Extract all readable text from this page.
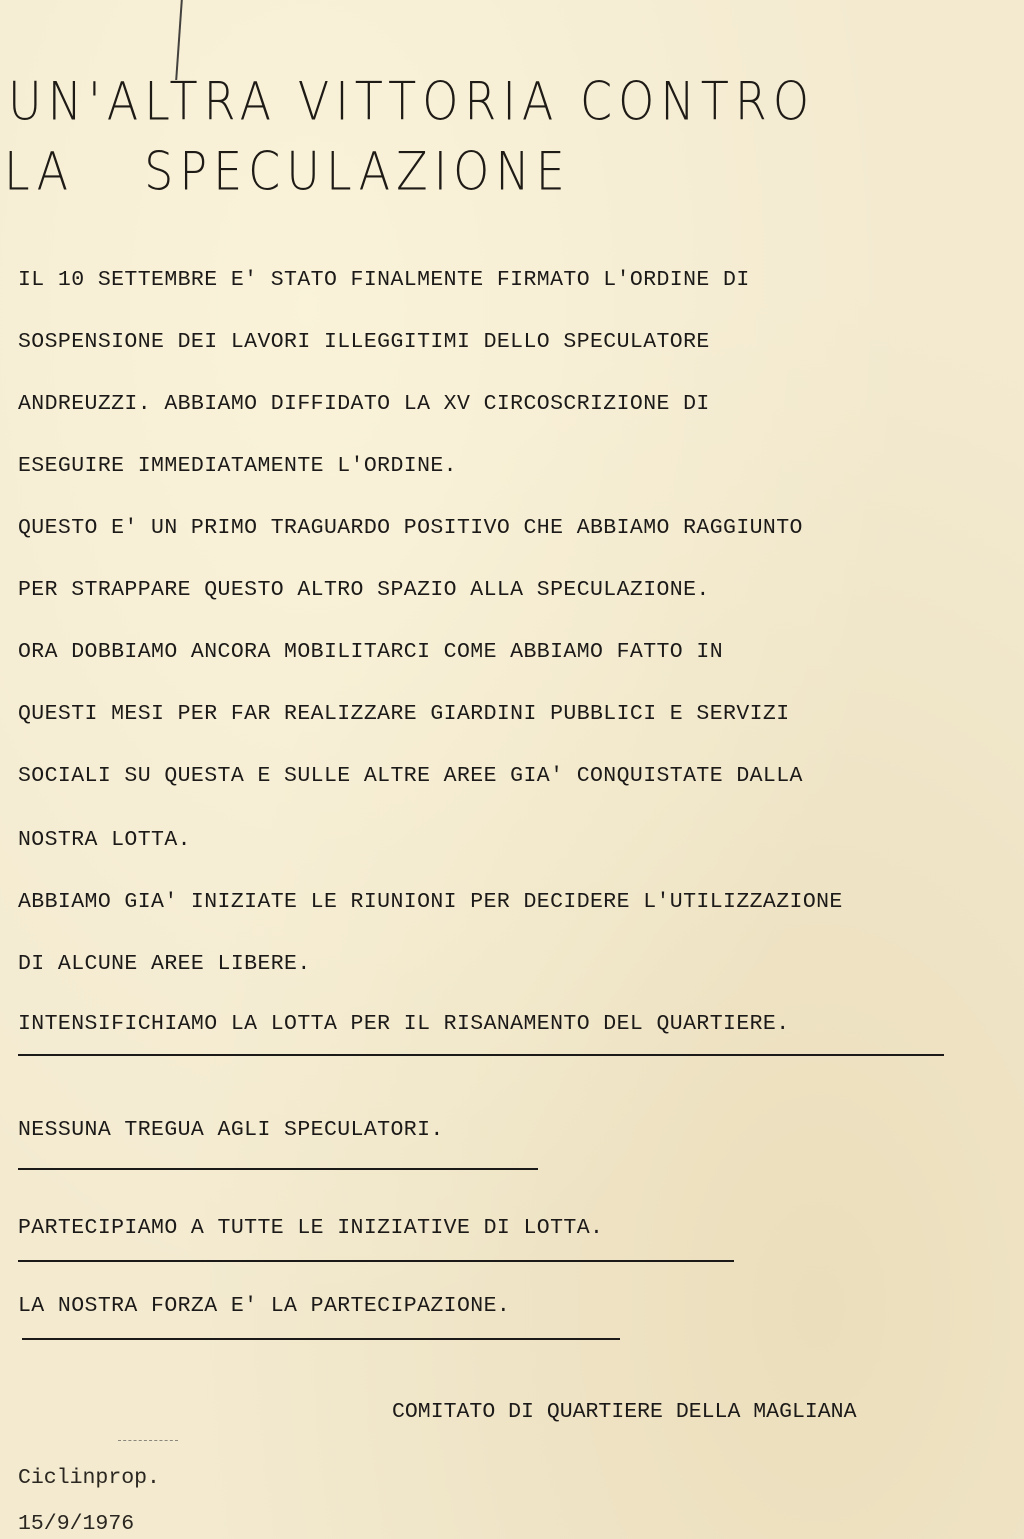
UN'ALTRA VITTORIA CONTRO
LA SPECULAZIONE
IL 10 SETTEMBRE E' STATO FINALMENTE FIRMATO L'ORDINE DI
SOSPENSIONE DEI LAVORI ILLEGGITIMI DELLO SPECULATORE
ANDREUZZI. ABBIAMO DIFFIDATO LA XV CIRCOSCRIZIONE DI
ESEGUIRE IMMEDIATAMENTE L'ORDINE.
QUESTO E' UN PRIMO TRAGUARDO POSITIVO CHE ABBIAMO RAGGIUNTO
PER STRAPPARE QUESTO ALTRO SPAZIO ALLA SPECULAZIONE.
ORA DOBBIAMO ANCORA MOBILITARCI COME ABBIAMO FATTO IN
QUESTI MESI PER FAR REALIZZARE GIARDINI PUBBLICI E SERVIZI
SOCIALI SU QUESTA E SULLE ALTRE AREE GIA' CONQUISTATE DALLA
NOSTRA LOTTA.
ABBIAMO GIA' INIZIATE LE RIUNIONI PER DECIDERE L'UTILIZZAZIONE
DI ALCUNE AREE LIBERE.
INTENSIFICHIAMO LA LOTTA PER IL RISANAMENTO DEL QUARTIERE.
NESSUNA TREGUA AGLI SPECULATORI.
PARTECIPIAMO A TUTTE LE INIZIATIVE DI LOTTA.
LA NOSTRA FORZA E' LA PARTECIPAZIONE.
COMITATO DI QUARTIERE DELLA MAGLIANA
Ciclinprop.
15/9/1976
